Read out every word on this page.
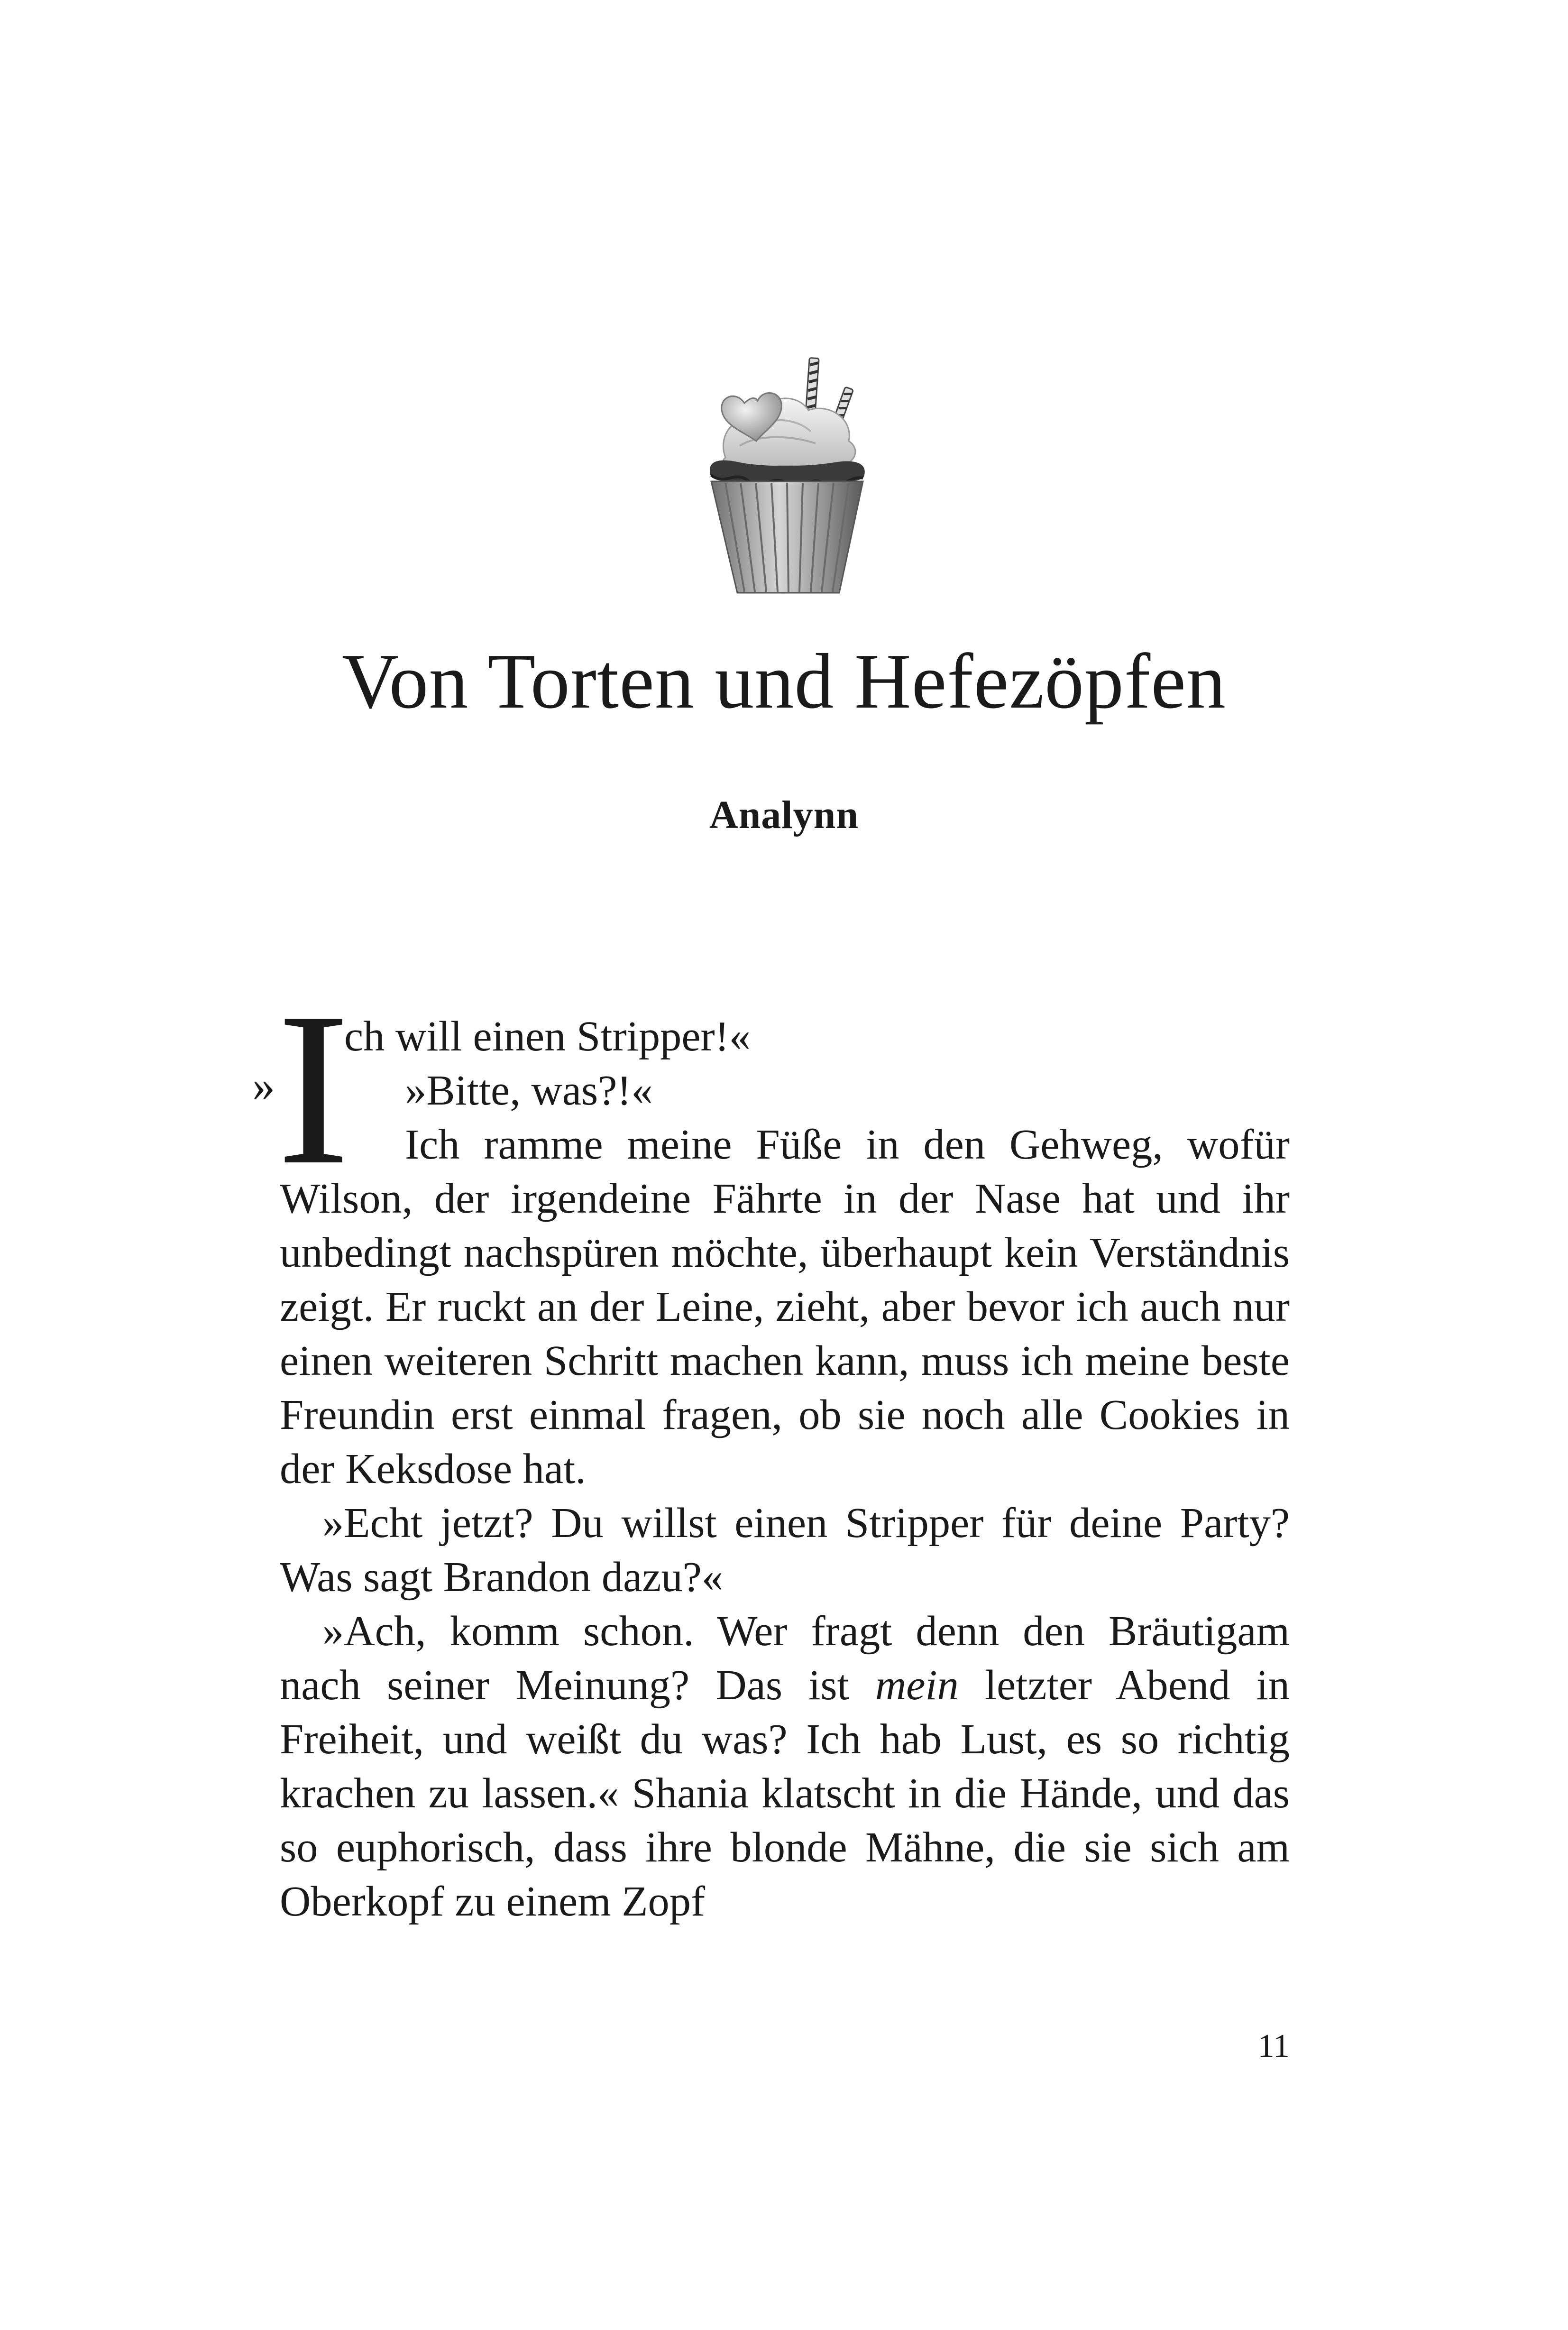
Von Torten und Hefezöpfen
Analynn
» I
ch will einen Stripper!«

»Bitte, was?!«

Ich ramme meine Füße in den Gehweg, wofür Wilson, der irgendeine Fährte in der Nase hat und ihr unbedingt nachspüren möchte, überhaupt kein Verständnis zeigt. Er ruckt an der Leine, zieht, aber bevor ich auch nur einen weiteren Schritt machen kann, muss ich meine beste Freundin erst einmal fragen, ob sie noch alle Cookies in der Keksdose hat.

»Echt jetzt? Du willst einen Stripper für deine Party? Was sagt Brandon dazu?«

»Ach, komm schon. Wer fragt denn den Bräutigam nach seiner Meinung? Das ist mein letzter Abend in Freiheit, und weißt du was? Ich hab Lust, es so richtig krachen zu lassen.« Shania klatscht in die Hände, und das so euphorisch, dass ihre blonde Mähne, die sie sich am Oberkopf zu einem Zopf

11
